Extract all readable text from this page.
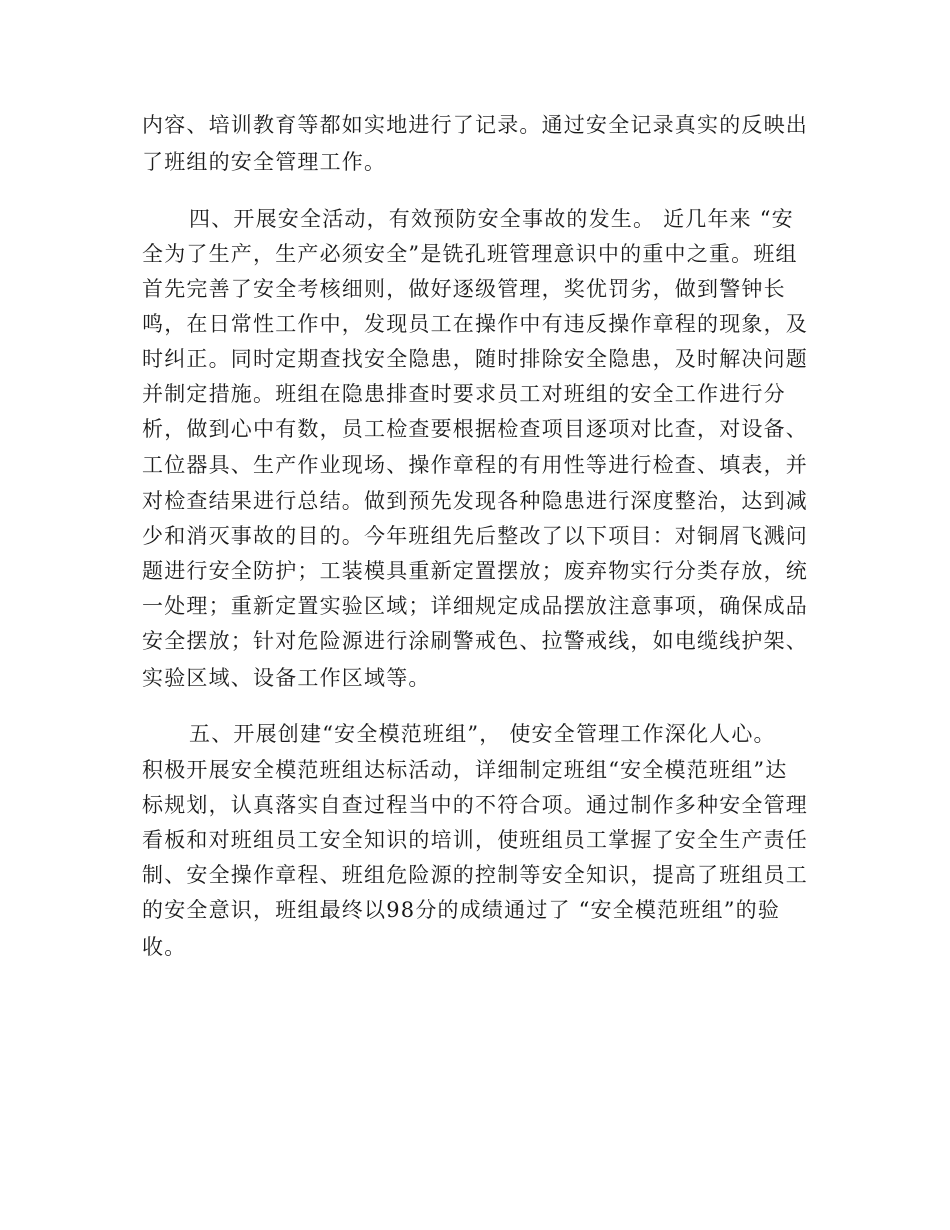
内容、培训教育等都如实地进行了记录。通过安全记录真实的反映出
了班组的安全管理工作。
四、开展安全活动，有效预防安全事故的发生。 近几年来 “安
全为了生产，生产必须安全”是铣孔班管理意识中的重中之重。班组
首先完善了安全考核细则，做好逐级管理，奖优罚劣，做到警钟长
鸣，在日常性工作中，发现员工在操作中有违反操作章程的现象，及
时纠正。同时定期查找安全隐患，随时排除安全隐患，及时解决问题
并制定措施。班组在隐患排查时要求员工对班组的安全工作进行分
析，做到心中有数，员工检查要根据检查项目逐项对比查，对设备、
工位器具、生产作业现场、操作章程的有用性等进行检查、填表，并
对检查结果进行总结。做到预先发现各种隐患进行深度整治，达到减
少和消灭事故的目的。今年班组先后整改了以下项目：对铜屑飞溅问
题进行安全防护；工装模具重新定置摆放；废弃物实行分类存放，统
一处理；重新定置实验区域；详细规定成品摆放注意事项，确保成品
安全摆放；针对危险源进行涂刷警戒色、拉警戒线，如电缆线护架、
实验区域、设备工作区域等。
五、开展创建“安全模范班组”， 使安全管理工作深化人心。
积极开展安全模范班组达标活动，详细制定班组“安全模范班组”达
标规划，认真落实自查过程当中的不符合项。通过制作多种安全管理
看板和对班组员工安全知识的培训，使班组员工掌握了安全生产责任
制、安全操作章程、班组危险源的控制等安全知识，提高了班组员工
的安全意识，班组最终以98分的成绩通过了 “安全模范班组”的验
收。
